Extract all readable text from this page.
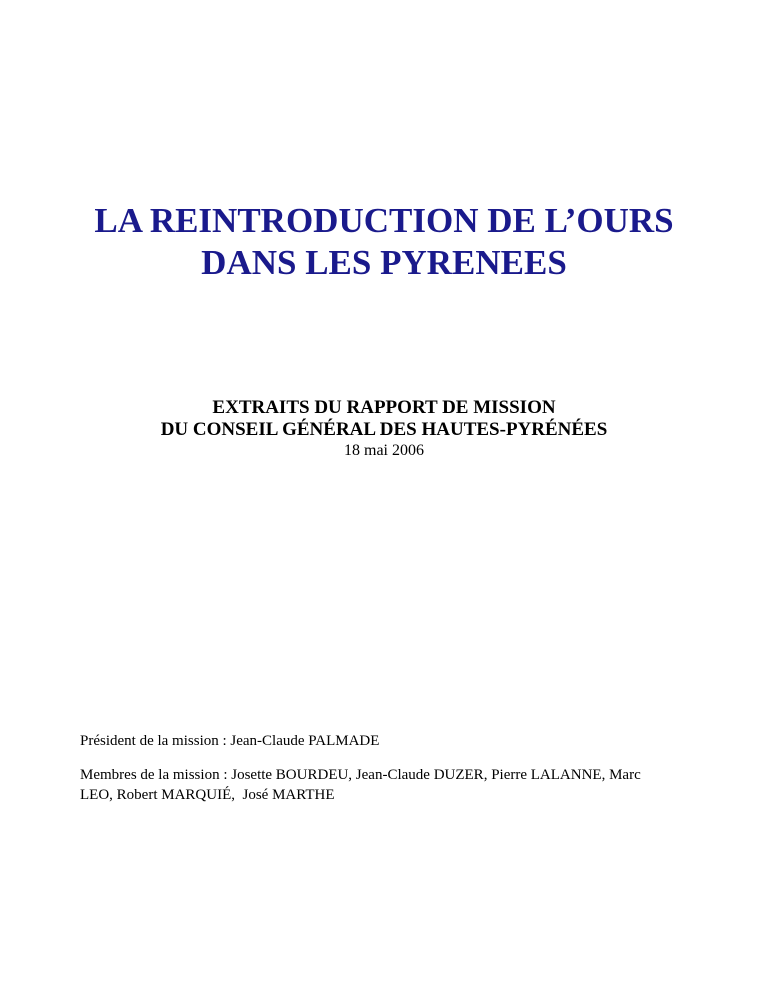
LA REINTRODUCTION DE L’OURS
DANS LES PYRENEES
EXTRAITS DU RAPPORT DE MISSION
DU CONSEIL GÉNÉRAL DES HAUTES-PYRÉNÉES

18 mai 2006

Président de la mission : Jean-Claude PALMADE

Membres de la mission : Josette BOURDEU, Jean-Claude DUZER, Pierre LALANNE, Marc
LEO, Robert MARQUIÉ,  José MARTHE
